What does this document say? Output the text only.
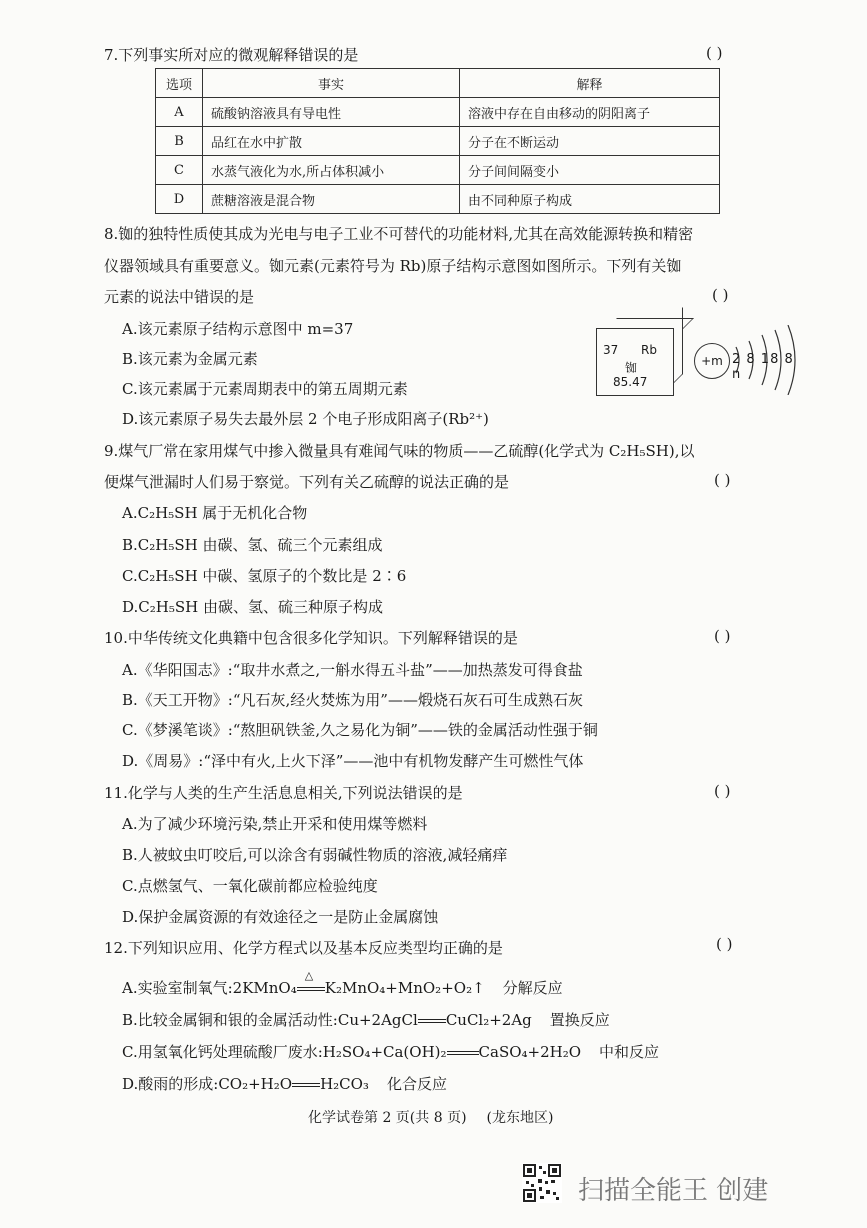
7.下列事实所对应的微观解释错误的是	( )
选项	事实	解释
A	硫酸钠溶液具有导电性	溶液中存在自由移动的阴阳离子
B	品红在水中扩散	分子在不断运动
C	水蒸气液化为水,所占体积减小	分子间间隔变小
D	蔗糖溶液是混合物	由不同种原子构成
8.铷的独特性质使其成为光电与电子工业不可替代的功能材料,尤其在高效能源转换和精密
仪器领域具有重要意义。铷元素(元素符号为 Rb)原子结构示意图如图所示。下列有关铷
元素的说法中错误的是	( )
A.该元素原子结构示意图中 m=37
B.该元素为金属元素
C.该元素属于元素周期表中的第五周期元素
D.该元素原子易失去最外层 2 个电子形成阳离子(Rb²⁺)
37 Rb
铷
85.47
+m 2 8 18 8 n
9.煤气厂常在家用煤气中掺入微量具有难闻气味的物质——乙硫醇(化学式为 C₂H₅SH),以
便煤气泄漏时人们易于察觉。下列有关乙硫醇的说法正确的是	( )
A.C₂H₅SH 属于无机化合物
B.C₂H₅SH 由碳、氢、硫三个元素组成
C.C₂H₅SH 中碳、氢原子的个数比是 2∶6
D.C₂H₅SH 由碳、氢、硫三种原子构成
10.中华传统文化典籍中包含很多化学知识。下列解释错误的是	( )
A.《华阳国志》:“取井水煮之,一斛水得五斗盐”——加热蒸发可得食盐
B.《天工开物》:“凡石灰,经火焚炼为用”——煅烧石灰石可生成熟石灰
C.《梦溪笔谈》:“熬胆矾铁釜,久之易化为铜”——铁的金属活动性强于铜
D.《周易》:“泽中有火,上火下泽”——池中有机物发酵产生可燃性气体
11.化学与人类的生产生活息息相关,下列说法错误的是	( )
A.为了减少环境污染,禁止开采和使用煤等燃料
B.人被蚊虫叮咬后,可以涂含有弱碱性物质的溶液,减轻痛痒
C.点燃氢气、一氧化碳前都应检验纯度
D.保护金属资源的有效途径之一是防止金属腐蚀
12.下列知识应用、化学方程式以及基本反应类型均正确的是	( )
A.实验室制氧气:2KMnO₄
△
K₂MnO₄+MnO₂+O₂↑ 分解反应
B.比较金属铜和银的金属活动性:Cu+2AgCl CuCl₂+2Ag 置换反应
C.用氢氧化钙处理硫酸厂废水:H₂SO₄+Ca(OH)₂ CaSO₄+2H₂O 中和反应
D.酸雨的形成:CO₂+H₂O H₂CO₃ 化合反应
化学试卷第 2 页(共 8 页) (龙东地区)
扫描全能王 创建
